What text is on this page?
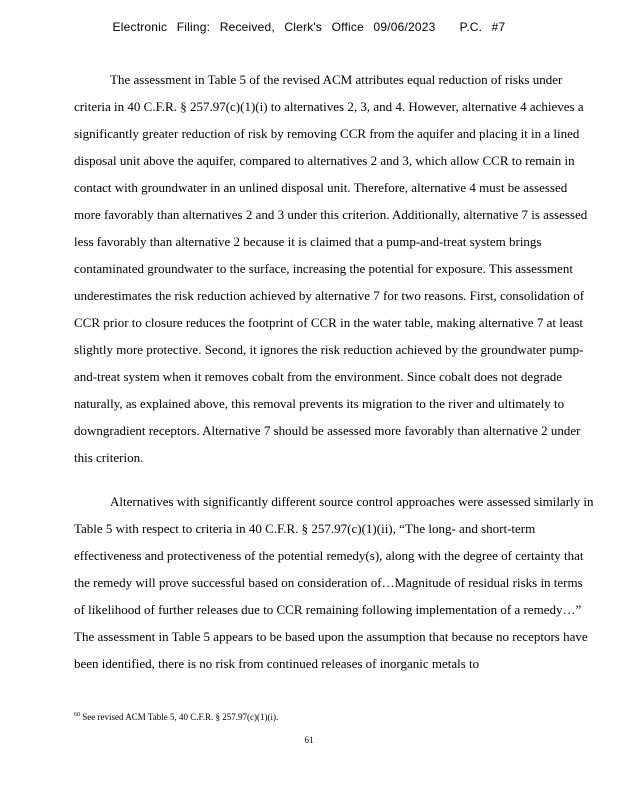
Electronic Filing: Received, Clerk's Office 09/06/2023 P.C. #7
The assessment in Table 5 of the revised ACM attributes equal reduction of risks under criteria in 40 C.F.R. § 257.97(c)(1)(i) to alternatives 2, 3, and 4. However, alternative 4 achieves a significantly greater reduction of risk by removing CCR from the aquifer and placing it in a lined disposal unit above the aquifer, compared to alternatives 2 and 3, which allow CCR to remain in contact with groundwater in an unlined disposal unit. Therefore, alternative 4 must be assessed more favorably than alternatives 2 and 3 under this criterion. Additionally, alternative 7 is assessed less favorably than alternative 2 because it is claimed that a pump-and-treat system brings contaminated groundwater to the surface, increasing the potential for exposure. This assessment underestimates the risk reduction achieved by alternative 7 for two reasons. First, consolidation of CCR prior to closure reduces the footprint of CCR in the water table, making alternative 7 at least slightly more protective. Second, it ignores the risk reduction achieved by the groundwater pump-and-treat system when it removes cobalt from the environment. Since cobalt does not degrade naturally, as explained above, this removal prevents its migration to the river and ultimately to downgradient receptors. Alternative 7 should be assessed more favorably than alternative 2 under this criterion.
Alternatives with significantly different source control approaches were assessed similarly in Table 5 with respect to criteria in 40 C.F.R. § 257.97(c)(1)(ii), “The long- and short-term effectiveness and protectiveness of the potential remedy(s), along with the degree of certainty that the remedy will prove successful based on consideration of…Magnitude of residual risks in terms of likelihood of further releases due to CCR remaining following implementation of a remedy…” The assessment in Table 5 appears to be based upon the assumption that because no receptors have been identified, there is no risk from continued releases of inorganic metals to
$^{60}$ See revised ACM Table 5, 40 C.F.R. § 257.97(c)(1)(i).
61
